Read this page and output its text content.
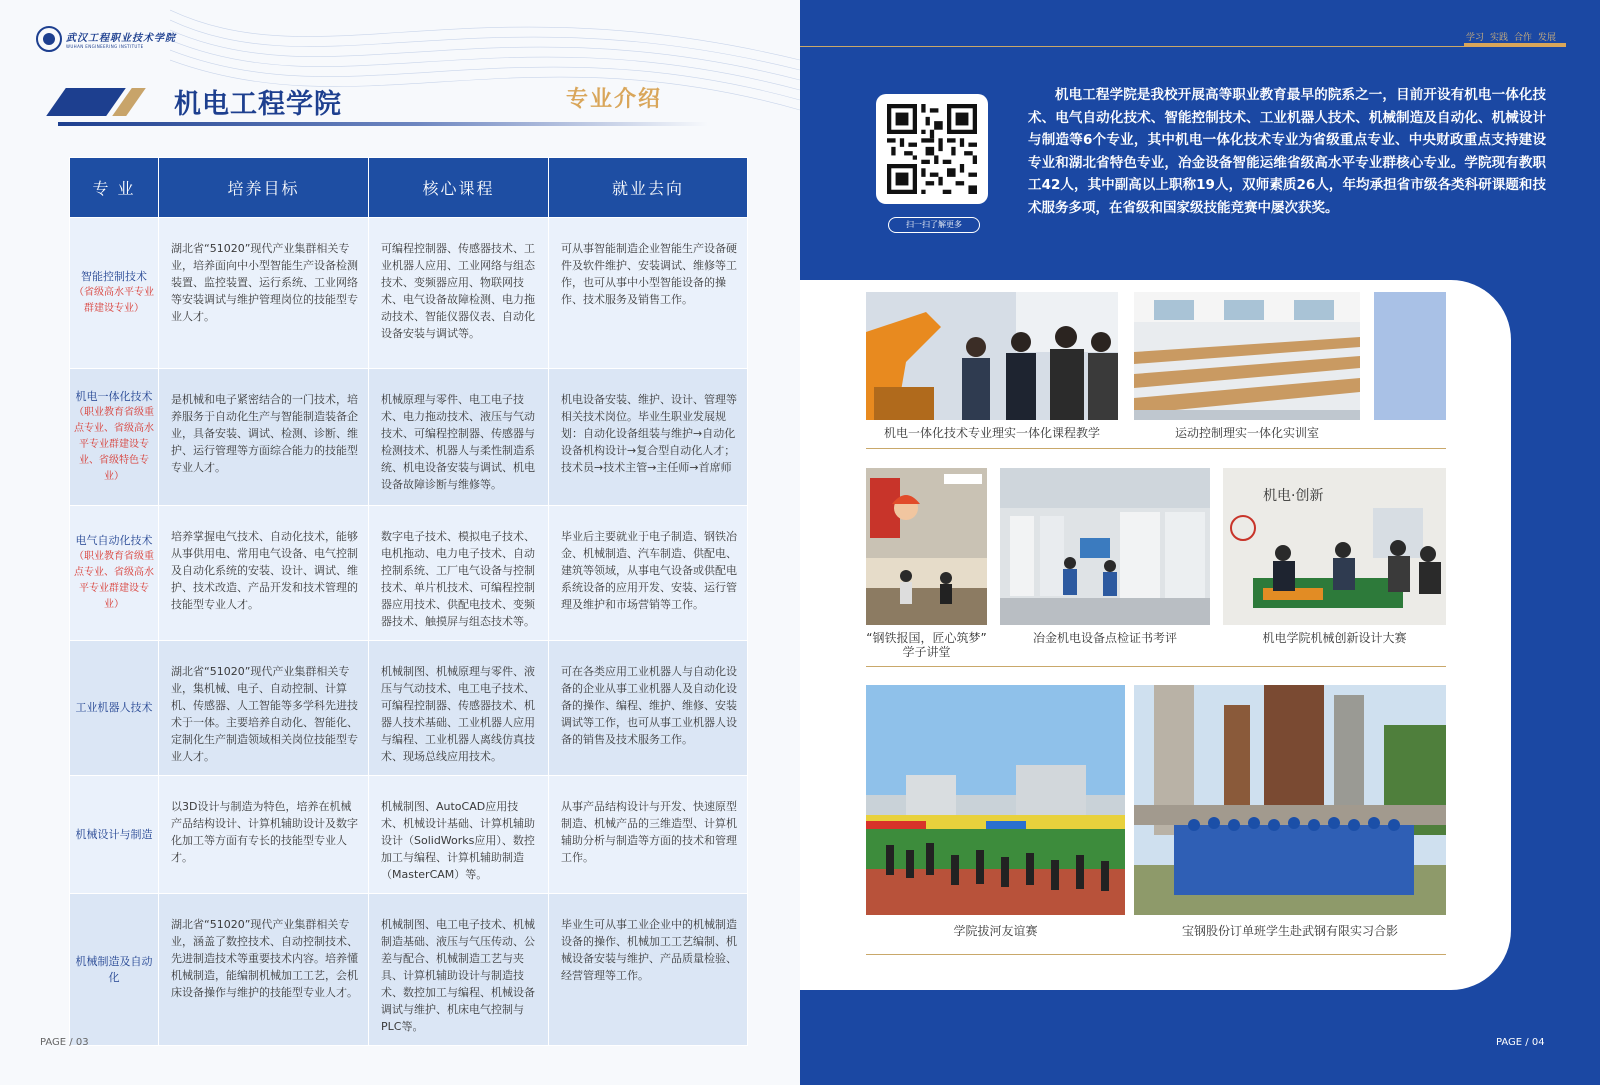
武汉工程职业技术学院
WUHAN ENGINEERING INSTITUTE
机电工程学院	专业介绍
专 业	培养目标	核心课程	就业去向

智能控制技术
（省级高水平专业群建设专业）	湖北省“51020”现代产业集群相关专业，培养面向中小型智能生产设备检测装置、监控装置、运行系统、工业网络等安装调试与维护管理岗位的技能型专业人才。	可编程控制器、传感器技术、工业机器人应用、工业网络与组态技术、变频器应用、物联网技术、电气设备故障检测、电力拖动技术、智能仪器仪表、自动化设备安装与调试等。	可从事智能制造企业智能生产设备硬件及软件维护、安装调试、维修等工作，也可从事中小型智能设备的操作、技术服务及销售工作。

机电一体化技术
（职业教育省级重点专业、省级高水平专业群建设专业、省级特色专业）	是机械和电子紧密结合的一门技术，培养服务于自动化生产与智能制造装备企业，具备安装、调试、检测、诊断、维护、运行管理等方面综合能力的技能型专业人才。	机械原理与零件、电工电子技术、电力拖动技术、液压与气动技术、可编程控制器、传感器与检测技术、机器人与柔性制造系统、机电设备安装与调试、机电设备故障诊断与维修等。	机电设备安装、维护、设计、管理等相关技术岗位。毕业生职业发展规划：自动化设备组装与维护→自动化设备机构设计→复合型自动化人才；技术员→技术主管→主任师→首席师

电气自动化技术
（职业教育省级重点专业、省级高水平专业群建设专业）	培养掌握电气技术、自动化技术，能够从事供用电、常用电气设备、电气控制及自动化系统的安装、设计、调试、维护、技术改造、产品开发和技术管理的技能型专业人才。	数字电子技术、模拟电子技术、电机拖动、电力电子技术、自动控制系统、工厂电气设备与控制技术、单片机技术、可编程控制器应用技术、供配电技术、变频器技术、触摸屏与组态技术等。	毕业后主要就业于电子制造、钢铁冶金、机械制造、汽车制造、供配电、建筑等领域，从事电气设备或供配电系统设备的应用开发、安装、运行管理及维护和市场营销等工作。

工业机器人技术	湖北省“51020”现代产业集群相关专业，集机械、电子、自动控制、计算机、传感器、人工智能等多学科先进技术于一体。主要培养自动化、智能化、定制化生产制造领域相关岗位技能型专业人才。	机械制图、机械原理与零件、液压与气动技术、电工电子技术、可编程控制器、传感器技术、机器人技术基础、工业机器人应用与编程、工业机器人离线仿真技术、现场总线应用技术。	可在各类应用工业机器人与自动化设备的企业从事工业机器人及自动化设备的操作、编程、维护、维修、安装调试等工作，也可从事工业机器人设备的销售及技术服务工作。

机械设计与制造	以3D设计与制造为特色，培养在机械产品结构设计、计算机辅助设计及数字化加工等方面有专长的技能型专业人才。	机械制图、AutoCAD应用技术、机械设计基础、计算机辅助设计（SolidWorks应用）、数控加工与编程、计算机辅助制造（MasterCAM）等。	从事产品结构设计与开发、快速原型制造、机械产品的三维造型、计算机辅助分析与制造等方面的技术和管理工作。

机械制造及自动化	湖北省“51020”现代产业集群相关专业，涵盖了数控技术、自动控制技术、先进制造技术等重要技术内容。培养懂机械制造，能编制机械加工工艺，会机床设备操作与维护的技能型专业人才。	机械制图、电工电子技术、机械制造基础、液压与气压传动、公差与配合、机械制造工艺与夹具、计算机辅助设计与制造技术、数控加工与编程、机械设备调试与维护、机床电气控制与PLC等。	毕业生可从事工业企业中的机械制造设备的操作、机械加工工艺编制、机械设备安装与维护、产品质量检验、经营管理等工作。
PAGE / 03
学习 实践 合作 发展
扫一扫了解更多
机电工程学院是我校开展高等职业教育最早的院系之一，目前开设有机电一体化技术、电气自动化技术、智能控制技术、工业机器人技术、机械制造及自动化、机械设计与制造等6个专业，其中机电一体化技术专业为省级重点专业、中央财政重点支持建设专业和湖北省特色专业，冶金设备智能运维省级高水平专业群核心专业。学院现有教职工42人，其中副高以上职称19人，双师素质26人，年均承担省市级各类科研课题和技术服务多项，在省级和国家级技能竞赛中屡次获奖。
机电一体化技术专业理实一体化课程教学	运动控制理实一体化实训室
机电·创新
“钢铁报国，匠心筑梦”
学子讲堂
冶金机电设备点检证书考评	机电学院机械创新设计大赛
学院拔河友谊赛	宝钢股份订单班学生赴武钢有限实习合影
PAGE / 04
